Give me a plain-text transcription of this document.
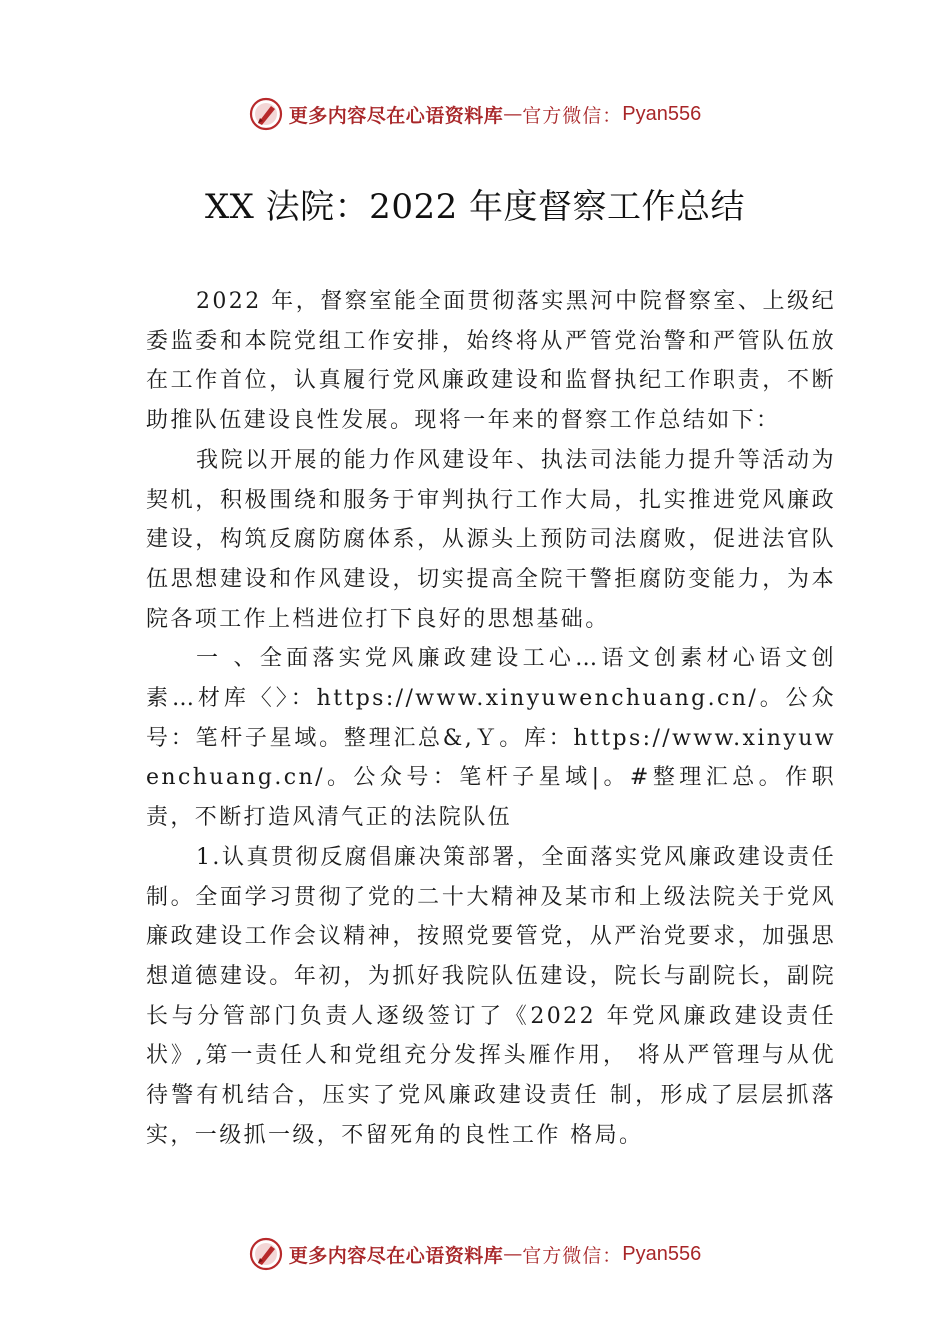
更多内容尽在心语资料库 — 官方微信： Pyan556
XX 法院：2022 年度督察工作总结

2022 年，督察室能全面贯彻落实黑河中院督察室、上级纪委监委和本院党组工作安排，始终将从严管党治警和严管队伍放在工作首位，认真履行党风廉政建设和监督执纪工作职责，不断助推队伍建设良性发展。现将一年来的督察工作总结如下：

我院以开展的能力作风建设年、执法司法能力提升等活动为契机，积极围绕和服务于审判执行工作大局，扎实推进党风廉政建设，构筑反腐防腐体系，从源头上预防司法腐败，促进法官队伍思想建设和作风建设，切实提高全院干警拒腐防变能力，为本院各项工作上档进位打下良好的思想基础。

一 、全面落实党风廉政建设工心…语文创素材心语文创素…材库〈〉：https://www.xinyuwenchuang.cn/。公众号：笔杆子星域。整理汇总&,Ｙ。库：https://www.xinyuwenchuang.cn/。公众号：笔杆子星域|。#整理汇总。作职责，不断打造风清气正的法院队伍

1.认真贯彻反腐倡廉决策部署，全面落实党风廉政建设责任制。全面学习贯彻了党的二十大精神及某市和上级法院关于党风廉政建设工作会议精神，按照党要管党，从严治党要求，加强思想道德建设。年初，为抓好我院队伍建设，院长与副院长，副院长与分管部门负责人逐级签订了《2022 年党风廉政建设责任状》,第一责任人和党组充分发挥头雁作用， 将从严管理与从优待警有机结合，压实了党风廉政建设责任 制，形成了层层抓落实，一级抓一级，不留死角的良性工作 格局。

更多内容尽在心语资料库 — 官方微信： Pyan556
